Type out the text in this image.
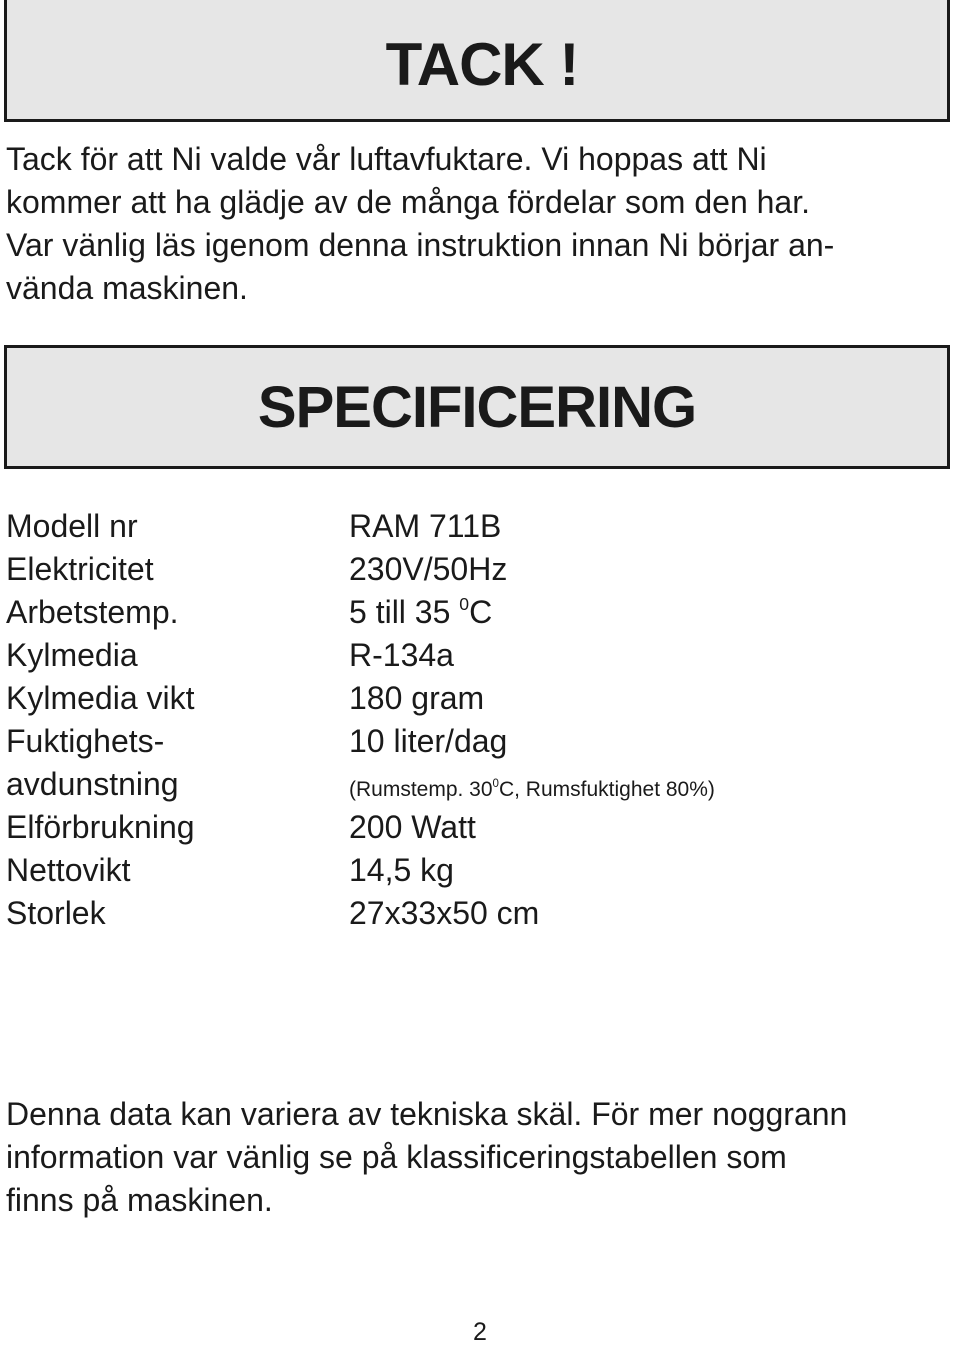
TACK !

Tack för att Ni valde vår luftavfuktare. Vi hoppas att Ni
kommer att ha glädje av de många fördelar som den har.
Var vänlig läs igenom denna instruktion innan Ni börjar an-
vända maskinen.

SPECIFICERING
Modell nr	RAM 711B
Elektricitet	230V/50Hz
Arbetstemp.	5 till 35 $^0$C
Kylmedia	R-134a
Kylmedia vikt	180 gram
Fuktighets-	10 liter/dag
avdunstning	(Rumstemp. $30^0C$, Rumsfuktighet 80%)
Elförbrukning	200 Watt
Nettovikt	14,5 kg
Storlek	27x33x50 cm

Denna data kan variera av tekniska skäl. För mer noggrann
information var vänlig se på klassificeringstabellen som
finns på maskinen.

2
